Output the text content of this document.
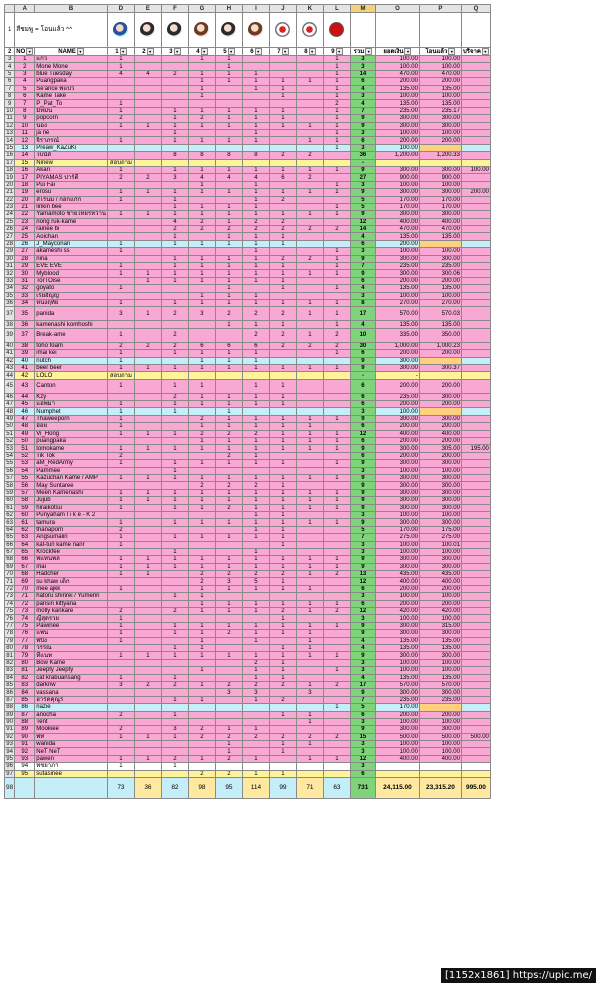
	A	B	D	E	F	G	H	I	J	K	L	M	O	P	Q
1	สีชมพู = โอนแล้ว ^^														
2	NO ▾	NAME ▾	1 ▾	2 ▾	3 ▾	4 ▾	5 ▾	6 ▾	7 ▾	8 ▾	9 ▾	รวม ▾	ยอดเงิน ▾	โอนแล้ว ▾	บริจาค ▾
3	1	แก้ว	1			1	1				1	3	100.00	100.00	
4	2	Mone Mone	1				1				1	3	100.00	100.00	
5	3	blue Tuesday	4	4	2	1	1	1			1	14	470.00	470.00	
6	4	Puangpaka				1	1	1	1	1	1	6	200.00	200.00	
7	5	Se'ance พี่แบ๋ว				1		1	1		1	4	135.00	135.00	
8	6	Kame Take				1			1		1	3	100.00	100.00	
9	7	P_Pat_To	1								2	4	135.00	135.00	
10	8	มิหมี่น	1		1	1	1	1	1		1	7	235.00	235.17	
11	9	popcorn	2		1	2	1	1	1		1	9	300.00	300.00	
12	10	น้อง	1	1	1	1	1	1	1	1	1	9	300.00	300.00	
13	11	ja ne			1			1			1	3	100.00	100.00	
14	12	จิราภรณ์	1		1	1	1	1		1	1	6	200.00	200.00	
15	13	Preaw_KaZuKi									1	3	100.00		
16	14	โบนัส			8	8	8	8	2	2		36	1,200.00	1,200.33	
17	15	Ninew	สอบถาม									-			
18	16	Akari	1		1	1	1	1	1	1	1	9	300.00	300.00	100.00
19	17	PIYAMAS ปาร์ตี้	2	2	3	4	4	4	6	2		27	900.00	900.00	
20	18	Pui Fai				1		1			1	3	100.00	100.00	
21	19	erosu	1	1	1	1	1	1	1	1	1	9	300.00	300.00	200.00
22	20	สีไร้นม / ก็อกแก๊ก	1		1			1	2			5	170.00	170.00	
23	21	linkin bee			1	1	1	1			1	5	170.00	170.00	
24	22	Yamamoto ชายไทยรหวาน	1	1	1	1	1	1	1	1	1	9	300.00	300.00	
25	23	nong ruk-kame			4	2	1	2	2			12	400.00	400.00	
26	24	rainee bi			2	2	2	2	2	2	2	14	470.00	470.00	
27	25	Aoichan			1		1	1	1			4	135.00	135.00	
28	26	J_Mayconan	1		1	1	1	1	1			6	200.00		
29	27	akameshi ss	1					1			1	3	100.00	100.00	
30	28	nina			1	1	1	1	2	2	1	9	300.00	300.00	
31	29	EVE EVE	1		1	1	1	1	1		1	7	235.00	235.00	
32	30	Myblood	1	1	1	1	1	1	1	1	1	9	300.00	300.06	
33	31	TorTOise		1	1	1	1	1	1			6	200.00	200.00	
34	32	goyato	1				1		1		1	4	135.00	135.00	
35	33	เรยอัญญี				1	1	1				3	100.00	100.00	
36	34	หนึ่งฤทัย	1		1	1	1	1	1	1	1	8	270.00	270.00	
37	35	panida	3	1	2	3	2	2	2	1	1	17	570.00	570.03	
38	36	kamenashi komhoshi					1	1	1		1	4	135.00	135.00	
39	37	Break-ame	1		2			2	2	1	2	10	335.00	350.00	
40	38	toho foam	2	2	2	6	6	6	2	2	2	30	1,000.00	1,000.23	
41	39	imai kei	1		1	1	1	1			1	6	200.00	200.00	
42	40	nutch	1			1	1	1				9	300.00		
43	41	beer beer	1	1	1	1	1	1	1	1	1	9	300.00	300.37	
44	42	LOLO	สอบถาม									-	-		
45	43	Canton	1		1	1		1	1			6	200.00	200.00	
46	44	Kzy			2	1	1	1	1			6	235.00	300.00	
47	45	แอพมา	1		1	1	1	1	1			6	200.00	200.00	
48	46	Numphet	1		1		1					3	100.00		
49	47	Thaweeporn	1			2	1	1	1	1	1	9	300.00	300.00	
50	48	อ๋อย	1			1	1	1	1	1		6	200.00	200.00	
51	49	Vi_Hong	1	1	1	2	2	2	1	1	1	12	400.00	400.00	
52	50	puangpaka				1	1	1	1	1	1	6	200.00	200.00	
53	51	tomokame	1	1	1	1	1	1	1	1	1	9	300.00	305.00	195.00
54	52	Tik Tok	2				2	1				6	200.00	200.00	
55	53	aM_RedArmy	1		1	1	1	1	1		1	9	300.00	300.00	
56	54	Pammee			1							3	100.00	100.00	
57	55	Kazuchan Kame / AMP	1	1	1	1	1	1	1	1	1	9	300.00	300.00	
58	56	May Suntaree				2	2	2	1			9	300.00	300.00	
59	57	Meen Kamenashi	1	1	1	1	1	1	1	1	1	9	300.00	300.00	
60	58	Jujub	1	1	1	1	1	1	1	1	1	9	300.00	300.00	
61	59	hiraikotsu	1		1	1	2	1	1	1	1	9	300.00	300.00	
62	60	Punyaham I i k e - K 2						1	1			3	100.00	100.00	
63	61	tamura	1		1	1	1	1	1	1	1	9	300.00	300.00	
64	62	thanaporn	2					1	1			5	170.00	175.00	
65	63	Angsumalin	1		1	1	1	1	1			7	275.00	275.00	
66	64	kat-tun kame nanr	1						1			3	100.00	100.01	
67	65	Krockfee			1			1				3	100.00	100.00	
68	66	พี่แทนพล	1	1	1	1	1	1	1	1	1	9	300.00	300.00	
69	67	mai	1	1	1	1	1	1	1	1	1	9	300.00	300.00	
70	68	Hadcher	1	1		2	2	2	2	1	2	13	435.00	435.00	
71	69	su khaw เด็ก				2	3	5	1			12	400.00	400.00	
72	70	mee ajkk	1			1	1	1	1	1		6	200.00	200.00	
73	71	hatoru shinrei / Yumerin			1	1						3	100.00	100.00	
74	72	pansin kittyana				1	1	1	1	1	1	6	200.00	200.00	
75	73	molly kankare	2		2	1	1	1	2	1	2	12	420.00	420.00	
76	74	ญีสุดรวย	1						1			3	100.00	100.00	
77	75	Pawinee	1		1	1	1	1	1	1	1	9	300.00	315.00	
78	76	แพน	1		1	1	2	1	1	1		9	300.00	300.00	
79	77	พี่ปิง	1			1		1		1		4	135.00	135.00	
80	78	วรรณ			1	1			1	1		4	135.00	135.00	
81	79	ทีแนท	1	1	1	1	1	1	1	1	1	9	300.00	300.00	
82	80	Bow Kame						2	1			3	100.00	100.00	
83	81	Jeepfy Jeepfy				1		1	1		1	3	100.00	100.00	
84	82	cat krabuansang	1		1			1	1			4	135.00	135.00	
85	83	darknw	3	2	2	1	2	2	2	1	2	17	570.00	570.00	
86	84	vassana					3	3		3		9	300.00	300.00	
87	85	ฮาร์ดคุณูร			1	1		1	2			7	235.00	235.00	
88	86	nazie									1	5	170.00		
89	87	anocha	2		1				1	1		6	200.00	200.00	
90	88	Tent								1		3	100.00	100.00	
91	89	Mookiee	2		3	2	1	1				9	300.00	300.00	
92	90	พี่ที	1	1	1	2	2	2	2	2	2	15	500.00	500.00	500.00
93	91	wanida					1		1	1		3	100.00	100.00	
94	92	NeT NeT					1		1			3	100.00	100.00	
95	93	pawen	1	1	2	1	2	1		1	1	12	400.00	400.00	
96	94	พีชยาภา	1		1							3			
97	95	sutasinee				2	2	1	1			6			
98			73	36	82	98	95	114	99	71	63	731	24,115.00	23,315.20	995.00
[1152x1861] https://upic.me/
